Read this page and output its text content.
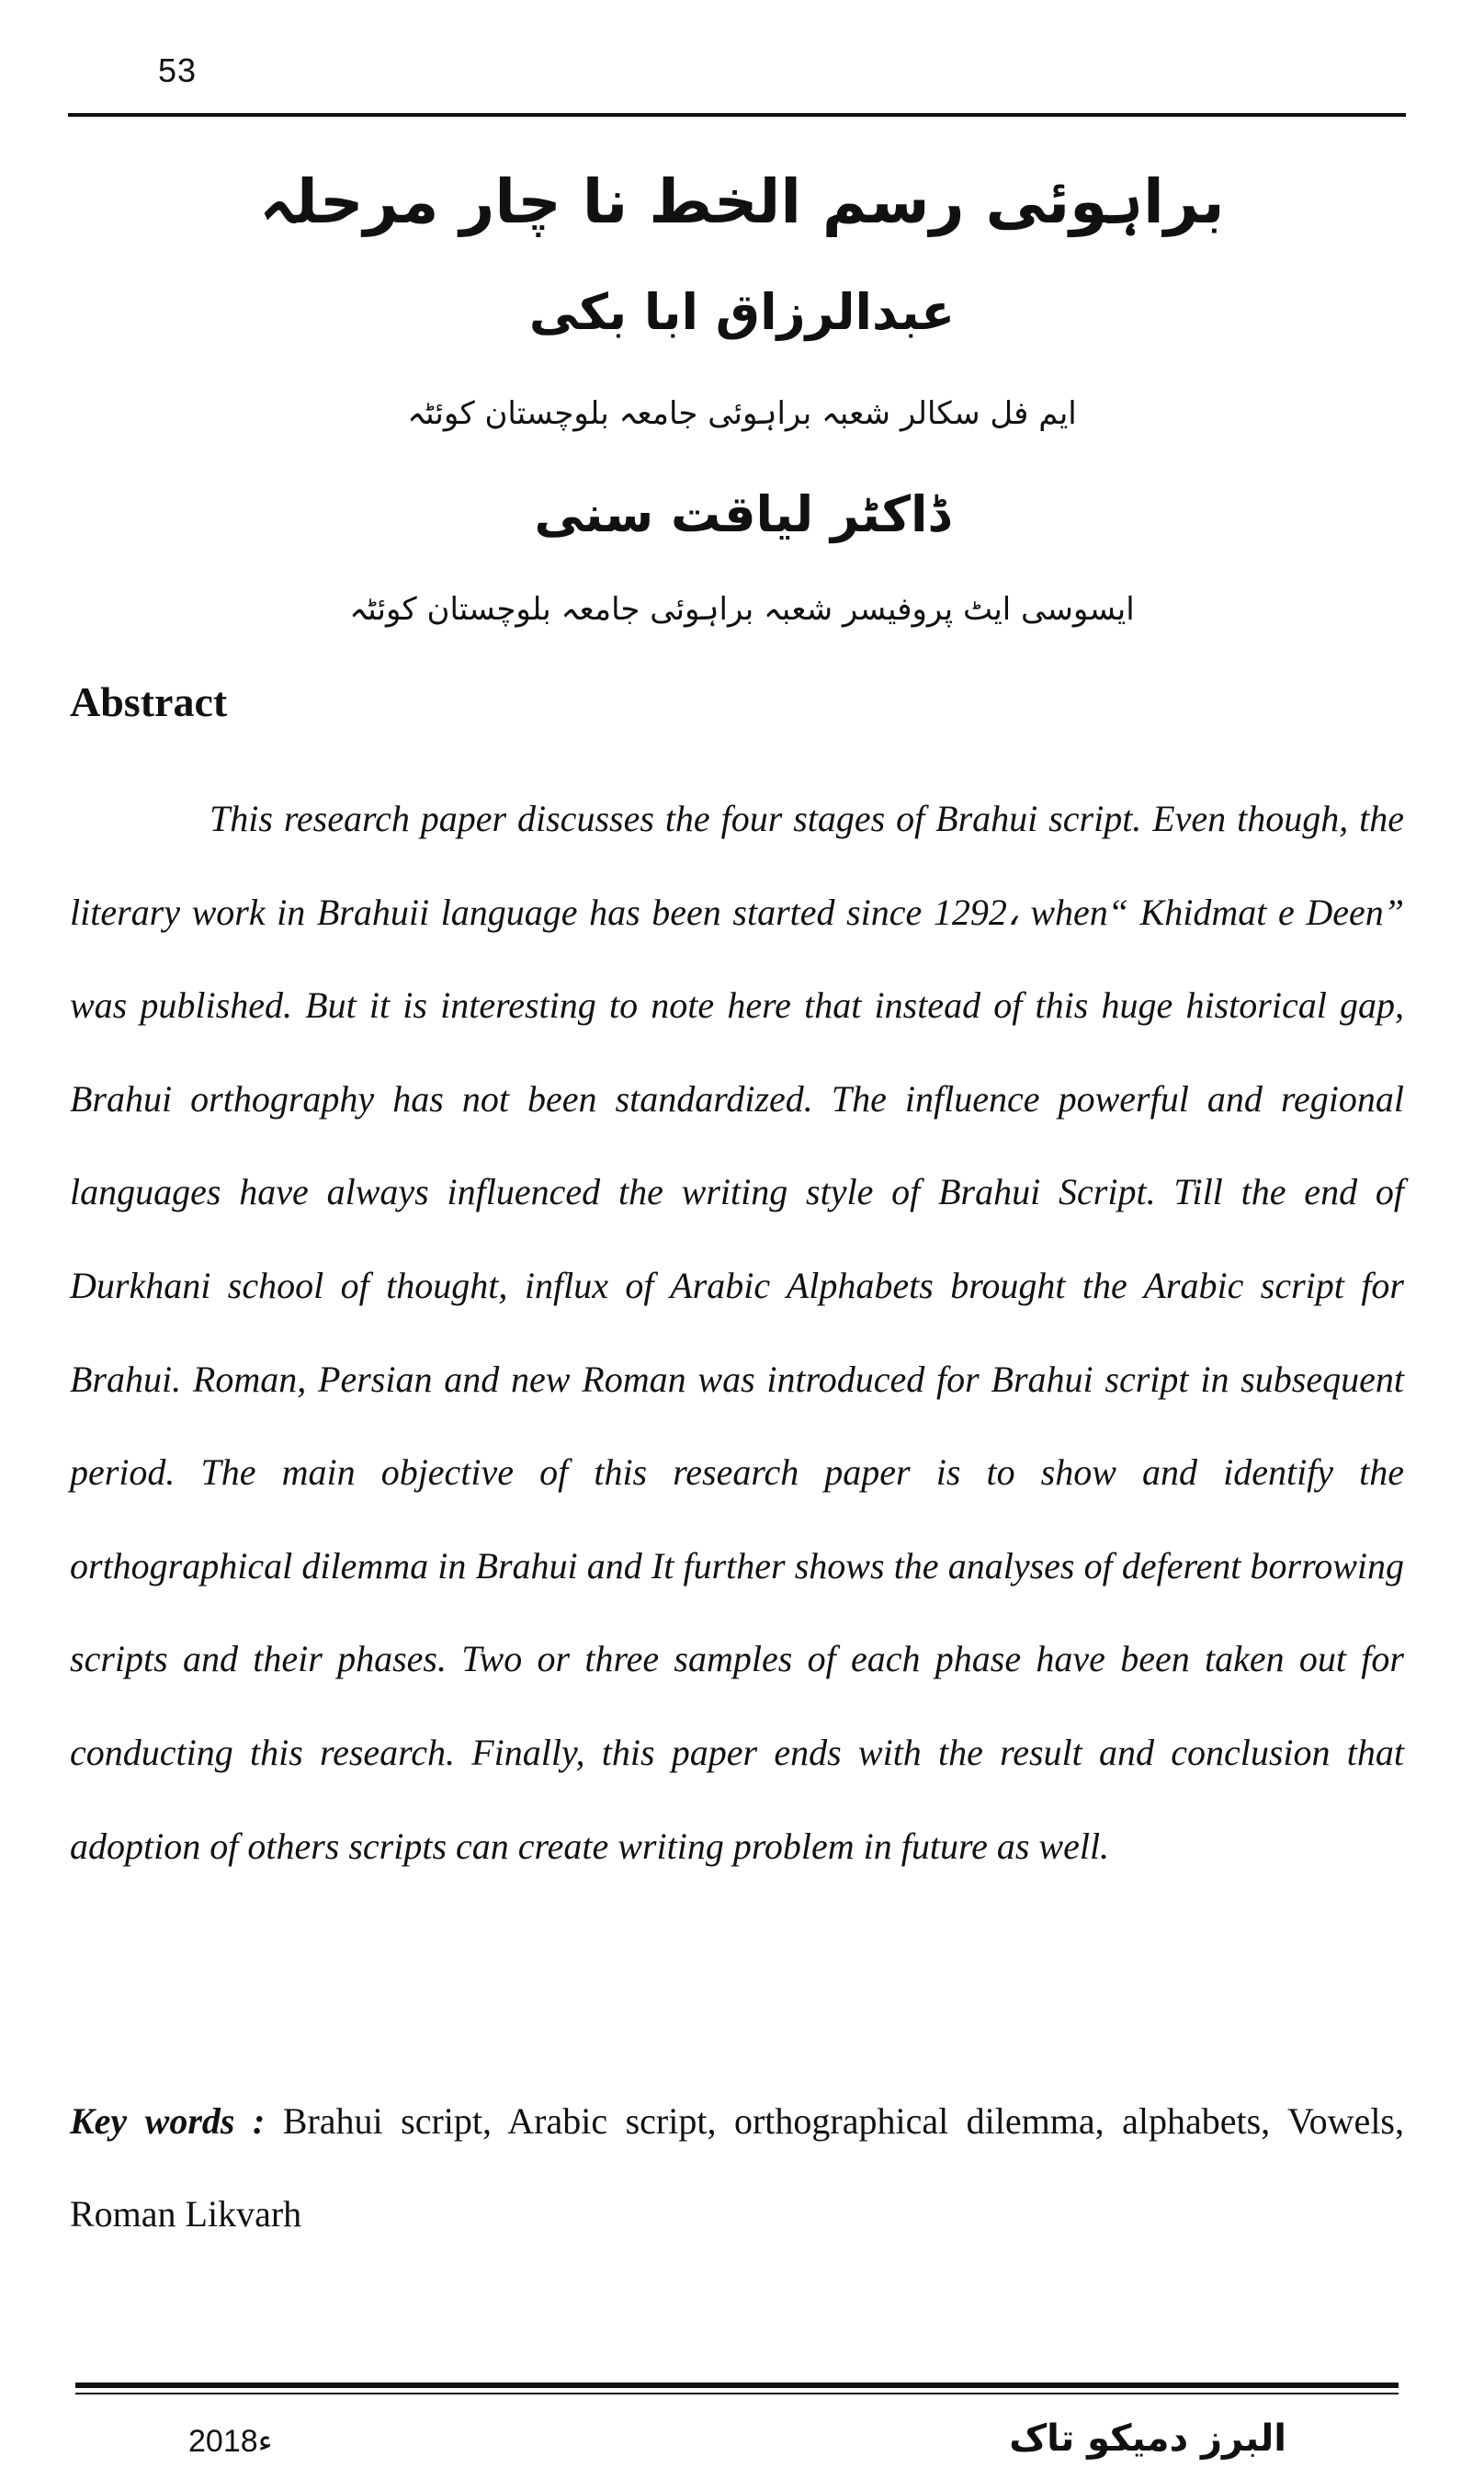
53
براہوئی رسم الخط نا چار مرحلہ
عبدالرزاق ابا بکی
ایم فل سکالر شعبہ براہوئی جامعہ بلوچستان کوئٹہ
ڈاکٹر لیاقت سنی
ایسوسی ایٹ پروفیسر شعبہ براہوئی جامعہ بلوچستان کوئٹہ
Abstract

This research paper discusses the four stages of Brahui script. Even though, the literary work in Brahuii language has been started since 1292، when“ Khidmat e Deen” was published. But it is interesting to note here that instead of this huge historical gap, Brahui orthography has not been standardized. The influence powerful and regional languages have always influenced the writing style of Brahui Script. Till the end of Durkhani school of thought, influx of Arabic Alphabets brought the Arabic script for Brahui. Roman, Persian and new Roman was introduced for Brahui script in subsequent period. The main objective of this research paper is to show and identify the orthographical dilemma in Brahui and It further shows the analyses of deferent borrowing scripts and their phases. Two or three samples of each phase have been taken out for conducting this research. Finally, this paper ends with the result and conclusion that adoption of others scripts can create writing problem in future as well.

Key words : Brahui script, Arabic script, orthographical dilemma, alphabets, Vowels, Roman Likvarh

2018ء	البرز دمیکو تاک
